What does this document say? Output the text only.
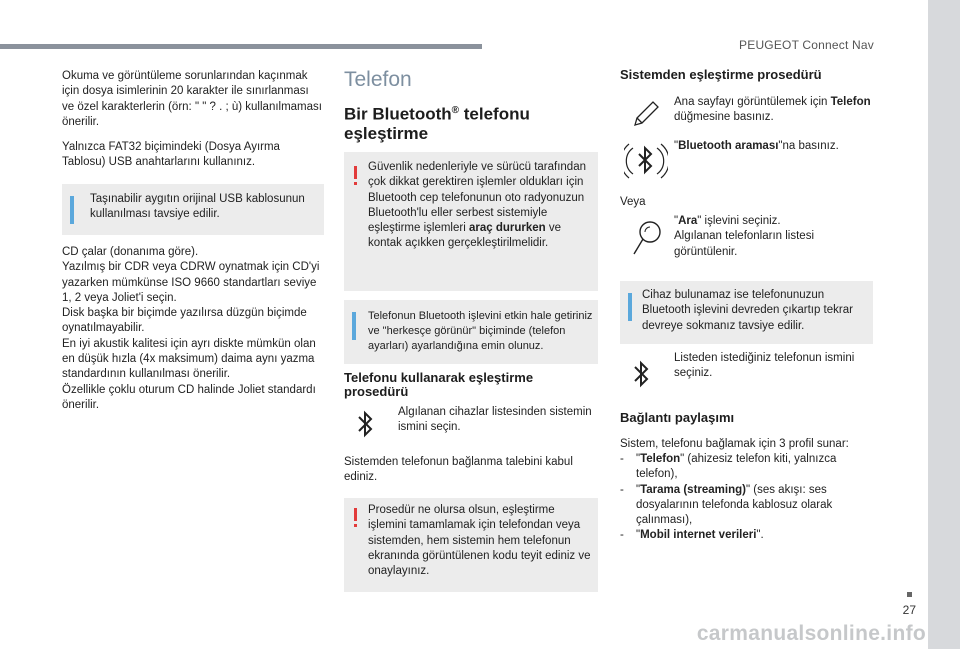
PEUGEOT Connect Nav
27
carmanualsonline.info
Okuma ve görüntüleme sorunlarından kaçınmak için dosya isimlerinin 20 karakter ile sınırlanması ve özel karakterlerin (örn: " " ? . ; ù) kullanılmaması önerilir.
Yalnızca FAT32 biçimindeki (Dosya Ayırma Tablosu) USB anahtarlarını kullanınız.
Taşınabilir aygıtın orijinal USB kablosunun kullanılması tavsiye edilir.
CD çalar (donanıma göre).
Yazılmış bir CDR veya CDRW oynatmak için CD'yi yazarken mümkünse ISO 9660 standartları seviye 1, 2 veya Joliet'i seçin.
Disk başka bir biçimde yazılırsa düzgün biçimde oynatılmayabilir.
En iyi akustik kalitesi için ayrı diskte mümkün olan en düşük hızla (4x maksimum) daima aynı yazma standardının kullanılması önerilir.
Özellikle çoklu oturum CD halinde Joliet standardı önerilir.
Telefon
Bir Bluetooth® telefonu eşleştirme
Güvenlik nedenleriyle ve sürücü tarafından çok dikkat gerektiren işlemler oldukları için Bluetooth cep telefonunun oto radyonuzun Bluetooth'lu eller serbest sistemiyle eşleştirme işlemleri araç dururken ve kontak açıkken gerçekleştirilmelidir.
Telefonun Bluetooth işlevini etkin hale getiriniz ve "herkesçe görünür" biçiminde (telefon ayarları) ayarlandığına emin olunuz.
Telefonu kullanarak eşleştirme prosedürü
Algılanan cihazlar listesinden sistemin ismini seçin.
Sistemden telefonun bağlanma talebini kabul ediniz.
Prosedür ne olursa olsun, eşleştirme işlemini tamamlamak için telefondan veya sistemden, hem sistemin hem telefonun ekranında görüntülenen kodu teyit ediniz ve onaylayınız.
Sistemden eşleştirme prosedürü
Ana sayfayı görüntülemek için Telefon düğmesine basınız.
"Bluetooth araması"na basınız.
Veya
"Ara" işlevini seçiniz.
Algılanan telefonların listesi görüntülenir.
Cihaz bulunamaz ise telefonunuzun Bluetooth işlevini devreden çıkartıp tekrar devreye sokmanız tavsiye edilir.
Listeden istediğiniz telefonun ismini seçiniz.
Bağlantı paylaşımı
Sistem, telefonu bağlamak için 3 profil sunar:
-	"Telefon" (ahizesiz telefon kiti, yalnızca telefon),
-	"Tarama (streaming)" (ses akışı: ses dosyalarının telefonda kablosuz olarak çalınması),
-	"Mobil internet verileri".
